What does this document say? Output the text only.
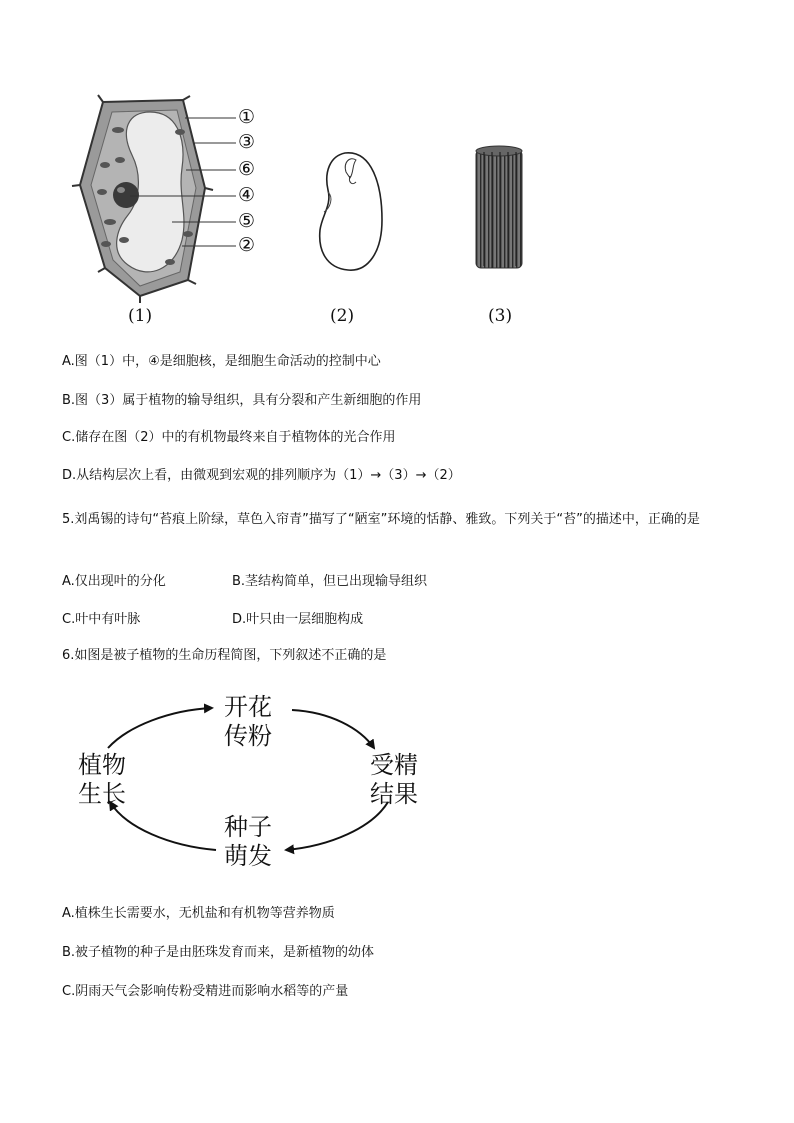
①
③
⑥
④
⑤
②
(1)	(2)	(3)
A.图（1）中，④是细胞核，是细胞生命活动的控制中心
B.图（3）属于植物的输导组织，具有分裂和产生新细胞的作用
C.储存在图（2）中的有机物最终来自于植物体的光合作用
D.从结构层次上看，由微观到宏观的排列顺序为（1）→（3）→（2）
5.刘禹锡的诗句“苔痕上阶绿，草色入帘青”描写了“陋室”环境的恬静、雅致。下列关于“苔”的描述中，正确的是
A.仅出现叶的分化	B.茎结构简单，但已出现输导组织
C.叶中有叶脉	D.叶只由一层细胞构成
6.如图是被子植物的生命历程简图，下列叙述不正确的是
开花
传粉
受精
结果
种子
萌发
植物
生长
A.植株生长需要水，无机盐和有机物等营养物质
B.被子植物的种子是由胚珠发育而来，是新植物的幼体
C.阴雨天气会影响传粉受精进而影响水稻等的产量
